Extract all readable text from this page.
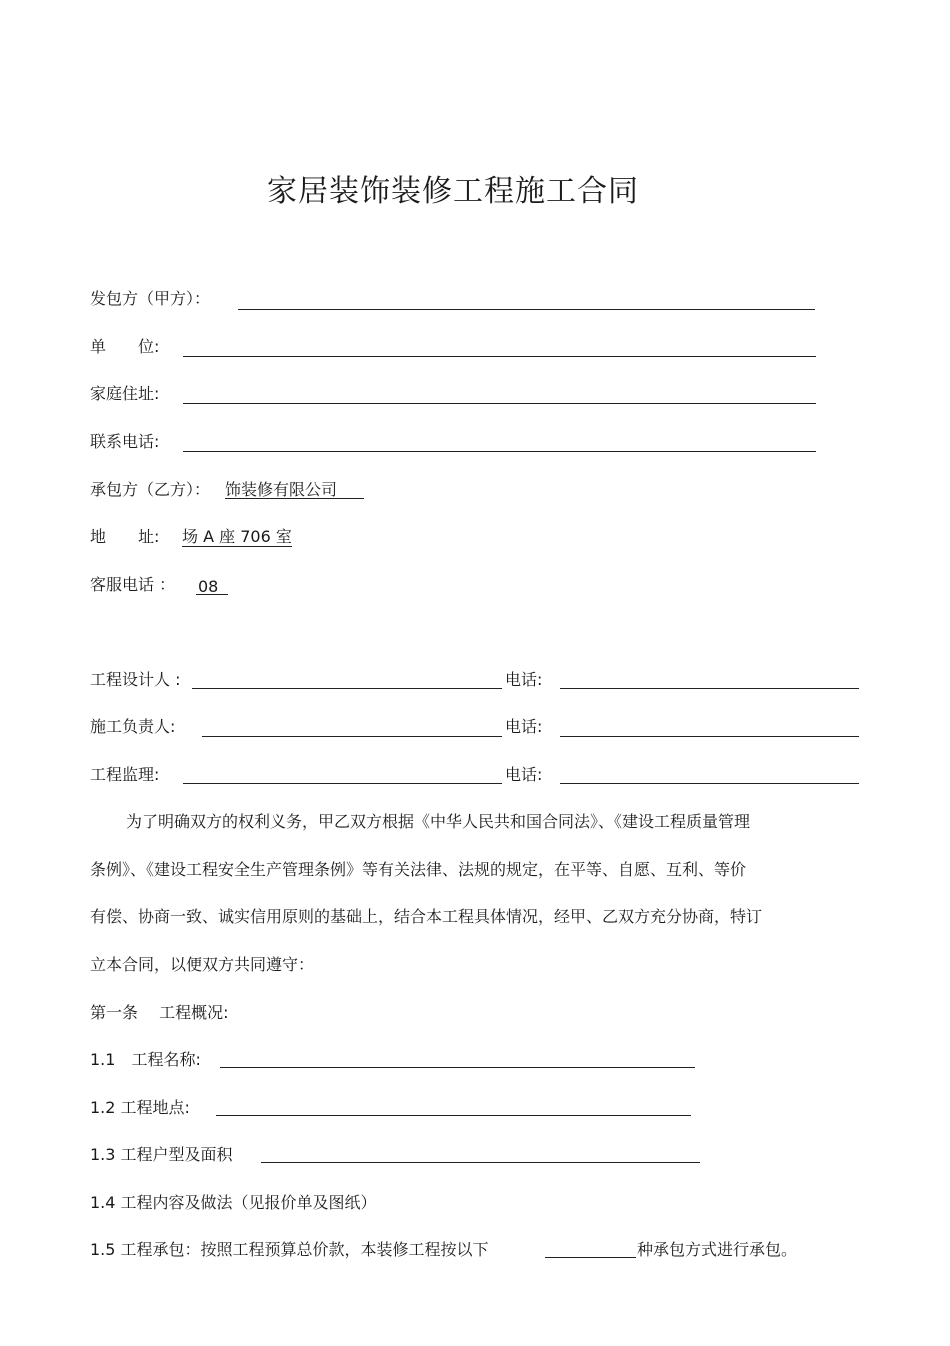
家居装饰装修工程施工合同
发包方（甲方）：
单　　位:
家庭住址:
联系电话:
承包方（乙方）： 饰装修有限公司
地　　址: 场 A 座 706 室
客服电话 ： 08
工程设计人 :	电话:
施工负责人:	电话:
工程监理:	电话:
为了明确双方的权利义务，甲乙双方根据《中华人民共和国合同法》、《建设工程质量管理
条例》、《建设工程安全生产管理条例》等有关法律、法规的规定，在平等、自愿、互利、等价
有偿、协商一致、诚实信用原则的基础上，结合本工程具体情况，经甲、乙双方充分协商，特订
立本合同，以便双方共同遵守：
第一条　 工程概况:
1.1　工程名称:
1.2 工程地点:
1.3 工程户型及面积
1.4 工程内容及做法（见报价单及图纸）
1.5 工程承包：按照工程预算总价款，本装修工程按以下	种承包方式进行承包。
